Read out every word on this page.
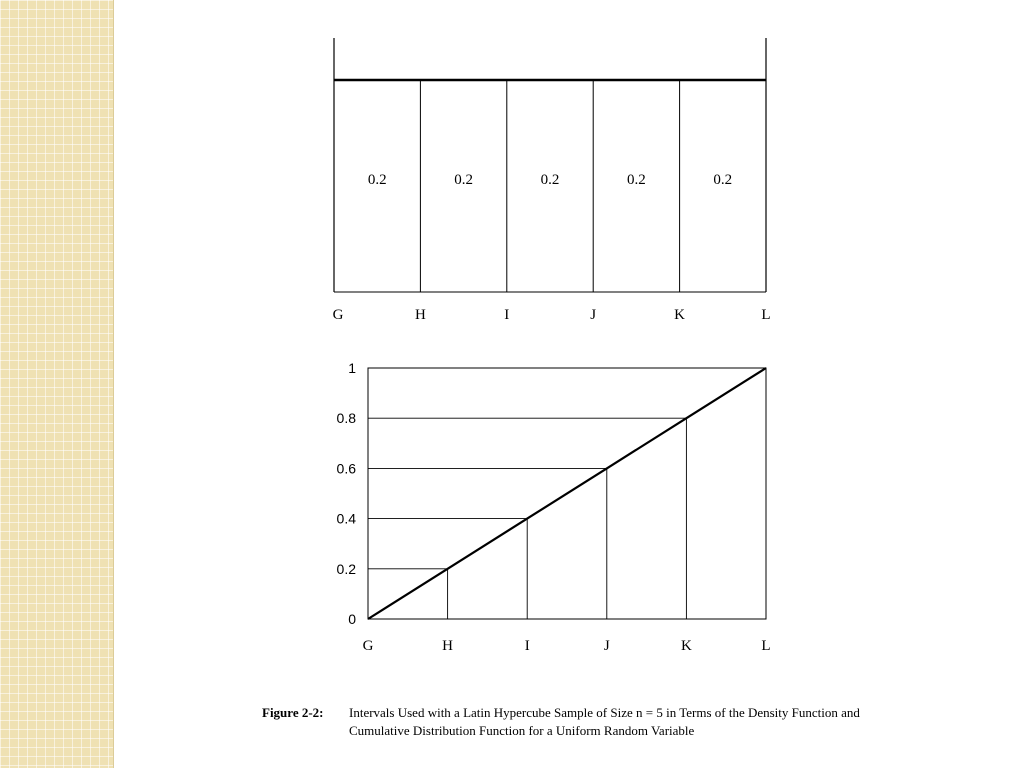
0.2	0.2	0.2	0.2	0.2
G	H	I	J	K	L
0
0.2
0.4
0.6
0.8
1
G	H	I	J	K	L
Figure 2-2: Intervals Used with a Latin Hypercube Sample of Size n = 5 in Terms of the Density Function and Cumulative Distribution Function for a Uniform Random Variable
